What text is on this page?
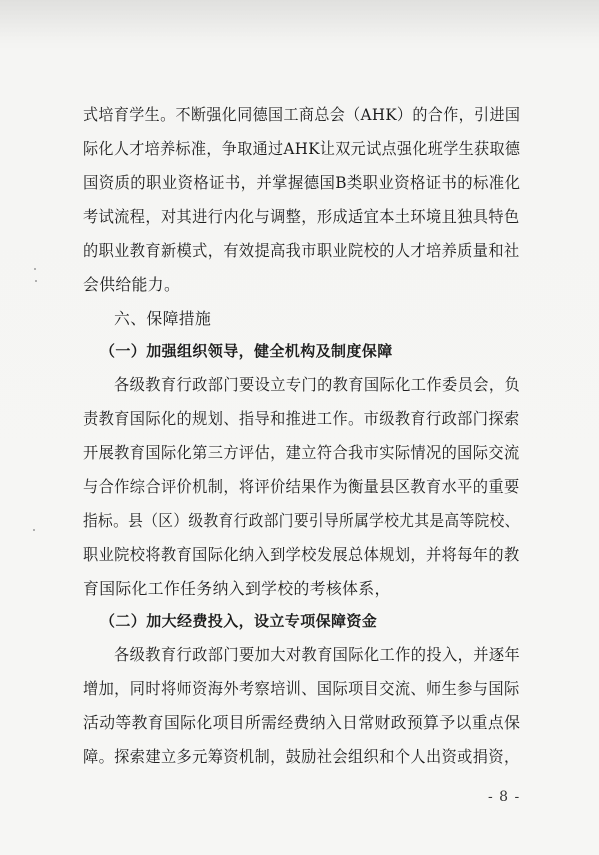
式培育学生。不断强化同德国工商总会（AHK）的合作，引进国
际化人才培养标准，争取通过AHK让双元试点强化班学生获取德
国资质的职业资格证书，并掌握德国B类职业资格证书的标准化
考试流程，对其进行内化与调整，形成适宜本土环境且独具特色
的职业教育新模式，有效提高我市职业院校的人才培养质量和社
会供给能力。
六、保障措施
（一）加强组织领导，健全机构及制度保障
各级教育行政部门要设立专门的教育国际化工作委员会，负
责教育国际化的规划、指导和推进工作。市级教育行政部门探索
开展教育国际化第三方评估，建立符合我市实际情况的国际交流
与合作综合评价机制，将评价结果作为衡量县区教育水平的重要
指标。县（区）级教育行政部门要引导所属学校尤其是高等院校、
职业院校将教育国际化纳入到学校发展总体规划，并将每年的教
育国际化工作任务纳入到学校的考核体系，
（二）加大经费投入，设立专项保障资金
各级教育行政部门要加大对教育国际化工作的投入，并逐年
增加，同时将师资海外考察培训、国际项目交流、师生参与国际
活动等教育国际化项目所需经费纳入日常财政预算予以重点保
障。探索建立多元筹资机制，鼓励社会组织和个人出资或捐资，
- 8 -
